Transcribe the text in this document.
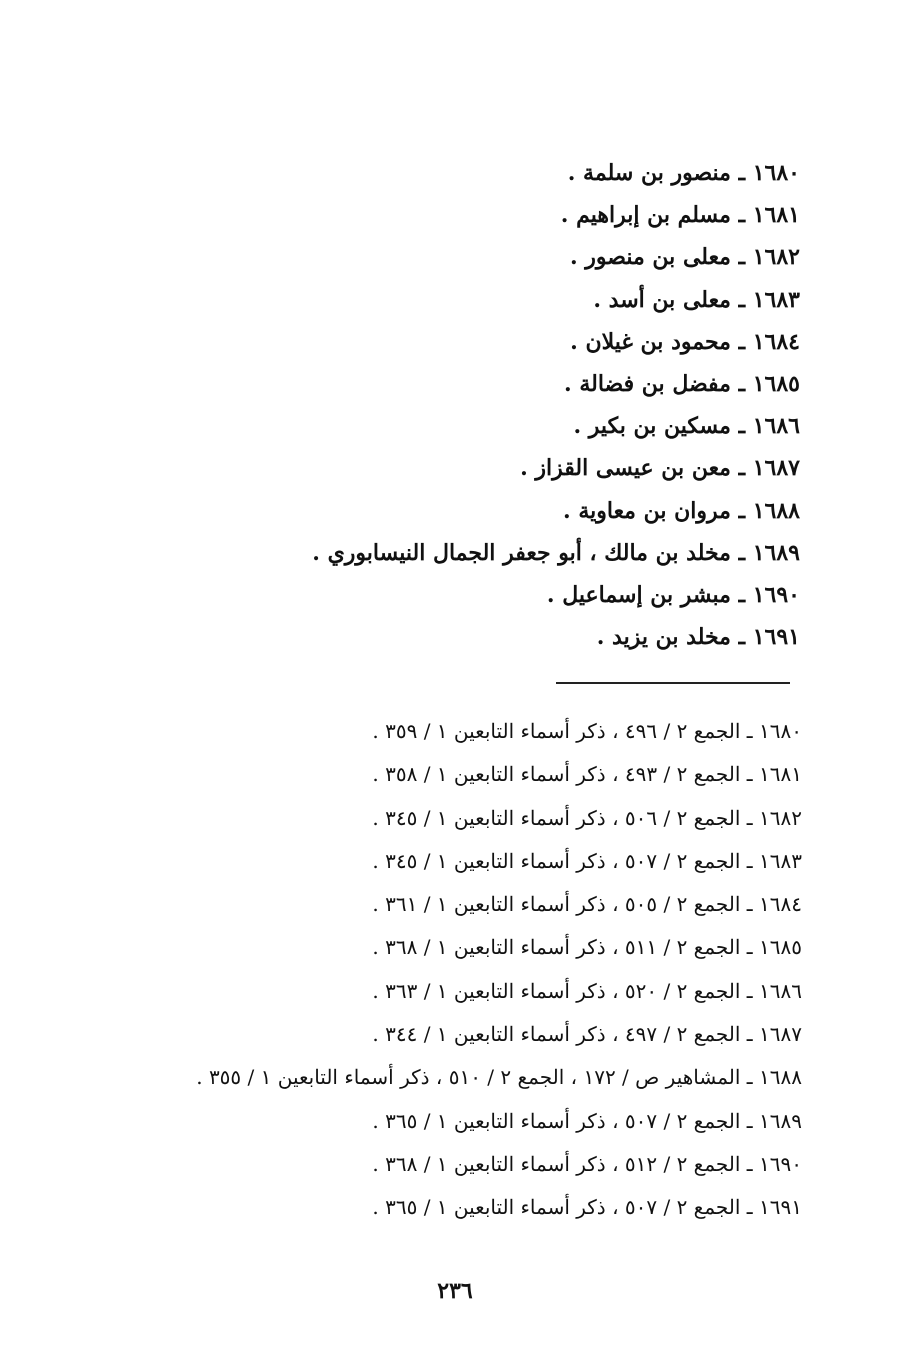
١٦٨٠ ـ منصور بن سلمة .
١٦٨١ ـ مسلم بن إبراهيم .
١٦٨٢ ـ معلى بن منصور .
١٦٨٣ ـ معلى بن أسد .
١٦٨٤ ـ محمود بن غيلان .
١٦٨٥ ـ مفضل بن فضالة .
١٦٨٦ ـ مسكين بن بكير .
١٦٨٧ ـ معن بن عيسى القزاز .
١٦٨٨ ـ مروان بن معاوية .
١٦٨٩ ـ مخلد بن مالك ، أبو جعفر الجمال النيسابوري .
١٦٩٠ ـ مبشر بن إسماعيل .
١٦٩١ ـ مخلد بن يزيد .
١٦٨٠ ـ الجمع ٢ / ٤٩٦ ، ذكر أسماء التابعين ١ / ٣٥٩ .
١٦٨١ ـ الجمع ٢ / ٤٩٣ ، ذكر أسماء التابعين ١ / ٣٥٨ .
١٦٨٢ ـ الجمع ٢ / ٥٠٦ ، ذكر أسماء التابعين ١ / ٣٤٥ .
١٦٨٣ ـ الجمع ٢ / ٥٠٧ ، ذكر أسماء التابعين ١ / ٣٤٥ .
١٦٨٤ ـ الجمع ٢ / ٥٠٥ ، ذكر أسماء التابعين ١ / ٣٦١ .
١٦٨٥ ـ الجمع ٢ / ٥١١ ، ذكر أسماء التابعين ١ / ٣٦٨ .
١٦٨٦ ـ الجمع ٢ / ٥٢٠ ، ذكر أسماء التابعين ١ / ٣٦٣ .
١٦٨٧ ـ الجمع ٢ / ٤٩٧ ، ذكر أسماء التابعين ١ / ٣٤٤ .
١٦٨٨ ـ المشاهير ص / ١٧٢ ، الجمع ٢ / ٥١٠ ، ذكر أسماء التابعين ١ / ٣٥٥ .
١٦٨٩ ـ الجمع ٢ / ٥٠٧ ، ذكر أسماء التابعين ١ / ٣٦٥ .
١٦٩٠ ـ الجمع ٢ / ٥١٢ ، ذكر أسماء التابعين ١ / ٣٦٨ .
١٦٩١ ـ الجمع ٢ / ٥٠٧ ، ذكر أسماء التابعين ١ / ٣٦٥ .
٢٣٦
